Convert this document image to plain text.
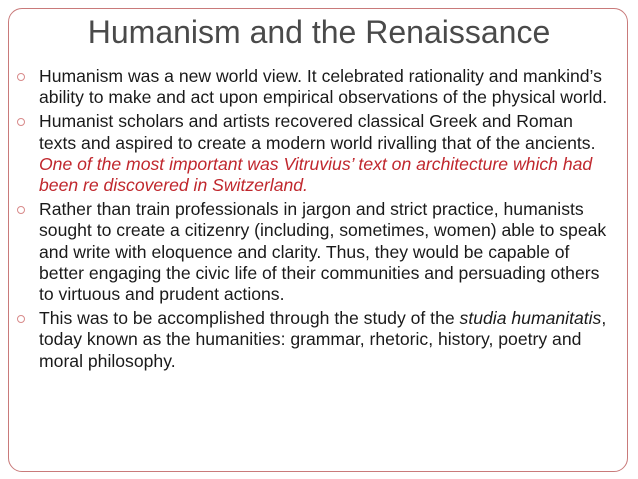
Humanism and the Renaissance
Humanism was a new world view. It celebrated rationality and mankind’s ability to make and act upon empirical observations of the physical world.
Humanist scholars and artists recovered classical Greek and Roman texts and aspired to create a modern world rivalling that of the ancients. One of the most important was Vitruvius’ text on architecture which had been re discovered in Switzerland.
Rather than train professionals in jargon and strict practice, humanists sought to create a citizenry (including, sometimes, women) able to speak and write with eloquence and clarity. Thus, they would be capable of better engaging the civic life of their communities and persuading others to virtuous and prudent actions.
This was to be accomplished through the study of the studia humanitatis, today known as the humanities: grammar, rhetoric, history, poetry and moral philosophy.
